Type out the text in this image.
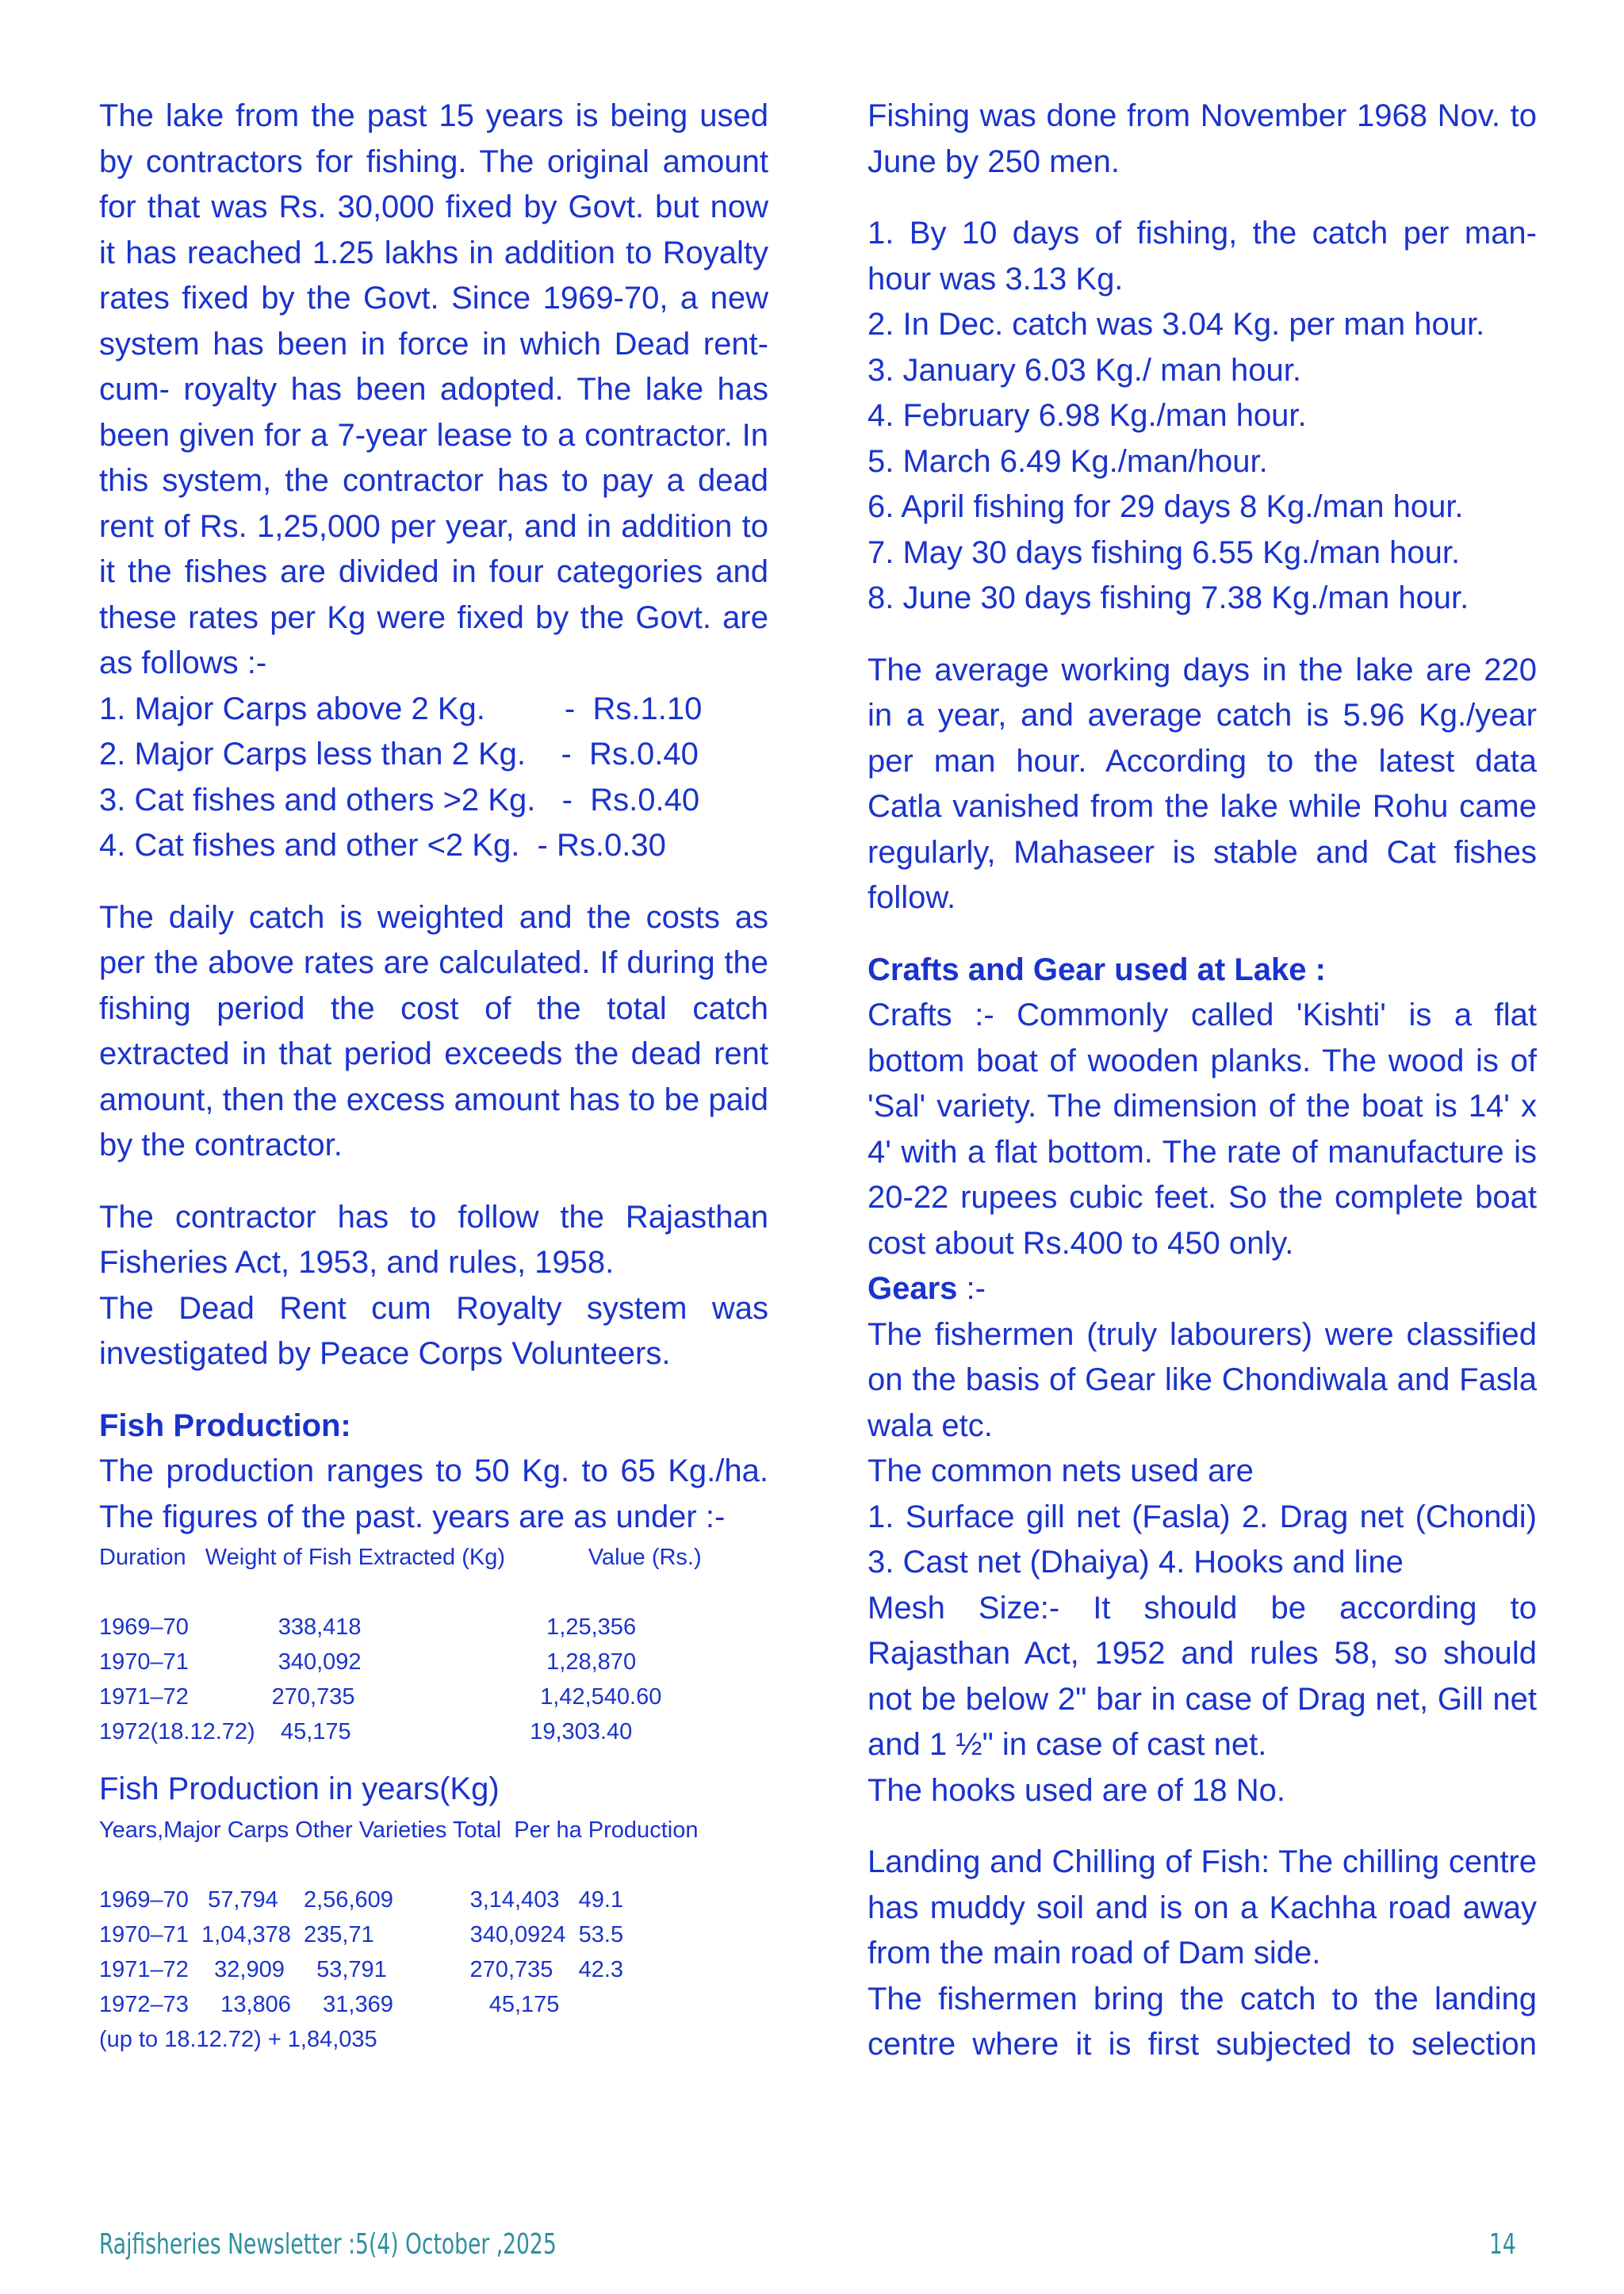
The lake from the past 15 years is being used by contractors for fishing. The original amount for that was Rs. 30,000 fixed by Govt. but now it has reached 1.25 lakhs in addition to Royalty rates fixed by the Govt. Since 1969-70, a new system has been in force in which Dead rent-cum- royalty has been adopted. The lake has been given for a 7-year lease to a contractor. In this system, the contractor has to pay a dead rent of Rs. 1,25,000 per year, and in addition to it the fishes are divided in four categories and these rates per Kg were fixed by the Govt. are as follows :-

1. Major Carps above 2 Kg.         -  Rs.1.10

2. Major Carps less than 2 Kg.    -  Rs.0.40

3. Cat fishes and others >2 Kg.   -  Rs.0.40

4. Cat fishes and other <2 Kg.  - Rs.0.30

The daily catch is weighted and the costs as per the above rates are calculated. If during the fishing period the cost of the total catch extracted in that period exceeds the dead rent amount, then the excess amount has to be paid by the contractor.

The contractor has to follow the Rajasthan Fisheries Act, 1953, and rules, 1958.

The Dead Rent cum Royalty system was investigated by Peace Corps Volunteers.

Fish Production:

The production ranges to 50 Kg. to 65 Kg./ha. The figures of the past. years are as under :-

Duration   Weight of Fish Extracted (Kg)             Value (Rs.)

1969–70              338,418                             1,25,356

1970–71              340,092                             1,28,870

1971–72             270,735                             1,42,540.60

1972(18.12.72)    45,175                            19,303.40

Fish Production in years(Kg)

Years,Major Carps Other Varieties Total  Per ha Production

1969–70   57,794    2,56,609            3,14,403   49.1

1970–71  1,04,378  235,71               340,0924  53.5

1971–72    32,909     53,791             270,735    42.3

1972–73     13,806     31,369               45,175

(up to 18.12.72) + 1,84,035

Fishing was done from November 1968 Nov. to June by 250 men.

1. By 10 days of fishing, the catch per man-hour was 3.13 Kg.

2. In Dec. catch was 3.04 Kg. per man hour.

3. January 6.03 Kg./ man hour.

4. February 6.98 Kg./man hour.

5. March 6.49 Kg./man/hour.

6. April fishing for 29 days 8 Kg./man hour.

7. May 30 days fishing 6.55 Kg./man hour.

8. June 30 days fishing 7.38 Kg./man hour.

The average working days in the lake are 220 in a year, and average catch is 5.96 Kg./year per man hour. According to the latest data Catla vanished from the lake while Rohu came regularly, Mahaseer is stable and Cat fishes follow.

Crafts and Gear used at Lake :

Crafts :- Commonly called 'Kishti' is a flat bottom boat of wooden planks. The wood is of 'Sal' variety. The dimension of the boat is 14' x 4' with a flat bottom. The rate of manufacture is 20-22 rupees cubic feet. So the complete boat cost about Rs.400 to 450 only.

Gears :-

The fishermen (truly labourers) were classified on the basis of Gear like Chondiwala and Fasla wala etc.

The common nets used are

1. Surface gill net (Fasla) 2. Drag net (Chondi) 3. Cast net (Dhaiya) 4. Hooks and line

Mesh Size:- It should be according to Rajasthan Act, 1952 and rules 58, so should not be below 2" bar in case of Drag net, Gill net and 1 ½" in case of cast net.

The hooks used are of 18 No.

Landing and Chilling of Fish: The chilling centre has muddy soil and is on a Kachha road away from the main road of Dam side.

The fishermen bring the catch to the landing centre where it is first subjected to selection

Rajfisheries Newsletter :5(4) October ,2025	14
